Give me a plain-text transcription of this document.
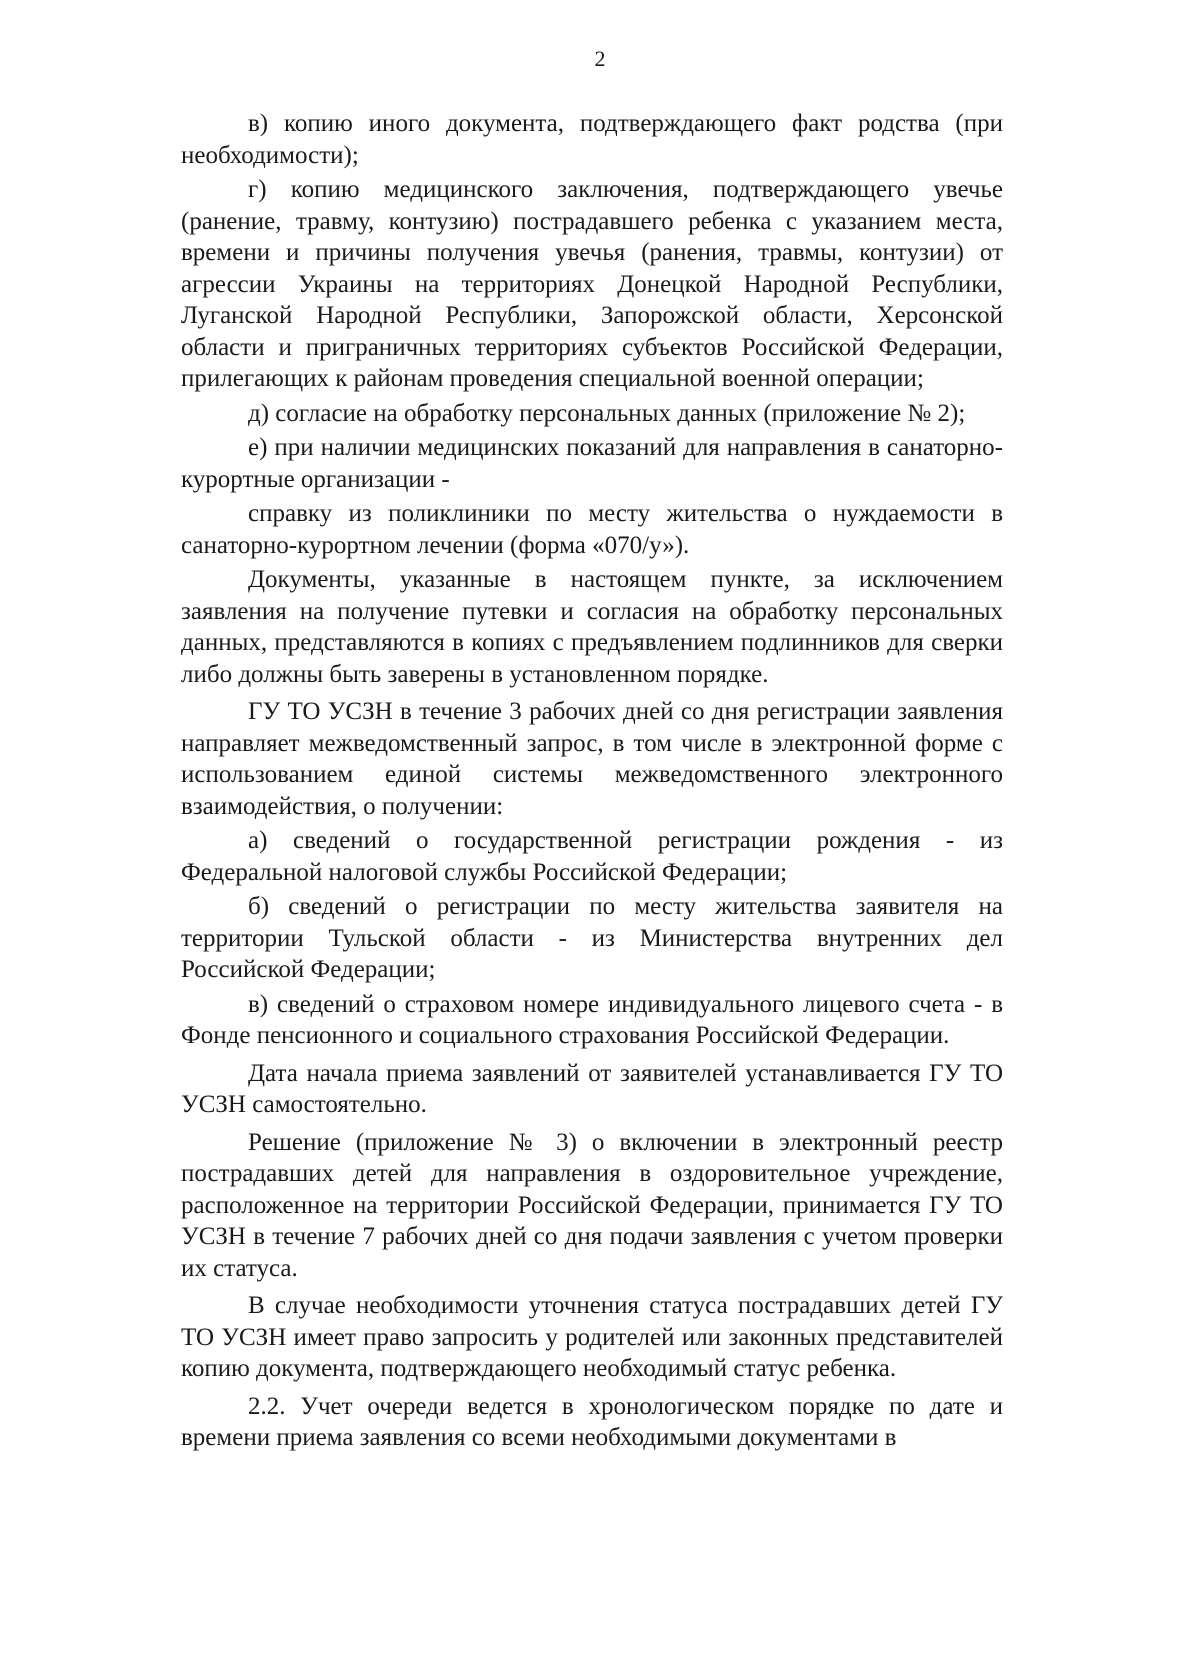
2

в) копию иного документа, подтверждающего факт родства (при необходимости);

г) копию медицинского заключения, подтверждающего увечье (ранение, травму, контузию) пострадавшего ребенка с указанием места, времени и причины получения увечья (ранения, травмы, контузии) от агрессии Украины на территориях Донецкой Народной Республики, Луганской Народной Республики, Запорожской области, Херсонской области и приграничных территориях субъектов Российской Федерации, прилегающих к районам проведения специальной военной операции;

д) согласие на обработку персональных данных (приложение № 2);

е) при наличии медицинских показаний для направления в санаторно-курортные организации -

справку из поликлиники по месту жительства о нуждаемости в санаторно-курортном лечении (форма «070/у»).

Документы, указанные в настоящем пункте, за исключением заявления на получение путевки и согласия на обработку персональных данных, представляются в копиях с предъявлением подлинников для сверки либо должны быть заверены в установленном порядке.

ГУ ТО УСЗН в течение 3 рабочих дней со дня регистрации заявления направляет межведомственный запрос, в том числе в электронной форме с использованием единой системы межведомственного электронного взаимодействия, о получении:

а) сведений о государственной регистрации рождения - из Федеральной налоговой службы Российской Федерации;

б) сведений о регистрации по месту жительства заявителя на территории Тульской области - из Министерства внутренних дел Российской Федерации;

в) сведений о страховом номере индивидуального лицевого счета - в Фонде пенсионного и социального страхования Российской Федерации.

Дата начала приема заявлений от заявителей устанавливается ГУ ТО УСЗН самостоятельно.

Решение (приложение № 3) о включении в электронный реестр пострадавших детей для направления в оздоровительное учреждение, расположенное на территории Российской Федерации, принимается ГУ ТО УСЗН в течение 7 рабочих дней со дня подачи заявления с учетом проверки их статуса.

В случае необходимости уточнения статуса пострадавших детей ГУ ТО УСЗН имеет право запросить у родителей или законных представителей копию документа, подтверждающего необходимый статус ребенка.

2.2. Учет очереди ведется в хронологическом порядке по дате и времени приема заявления со всеми необходимыми документами в
